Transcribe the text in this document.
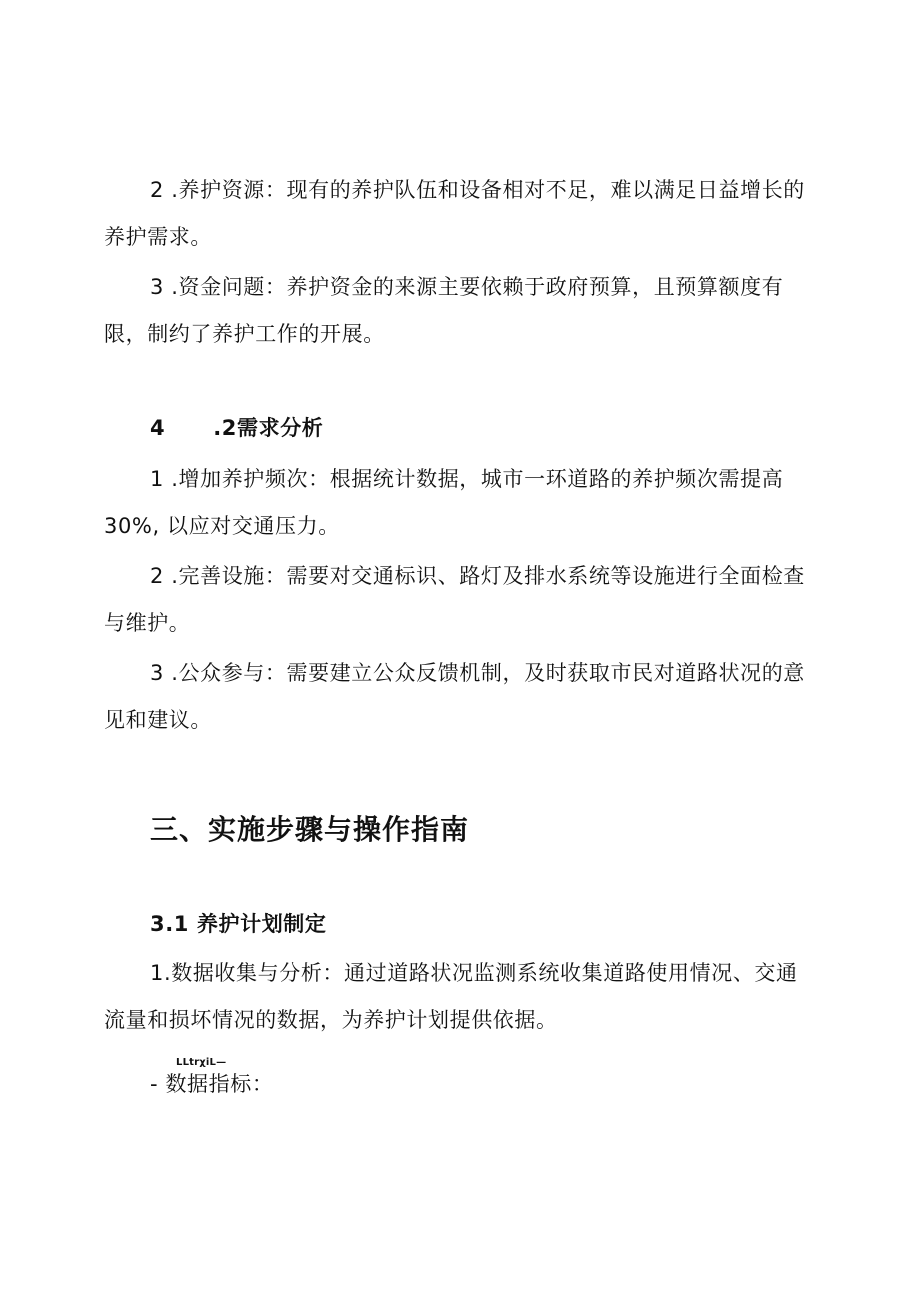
2 .养护资源：现有的养护队伍和设备相对不足，难以满足日益增长的
养护需求。
3 .资金问题：养护资金的来源主要依赖于政府预算，且预算额度有
限，制约了养护工作的开展。
4 .2需求分析
1 .增加养护频次：根据统计数据，城市一环道路的养护频次需提高
30%, 以应对交通压力。
2 .完善设施：需要对交通标识、路灯及排水系统等设施进行全面检查
与维护。
3 .公众参与：需要建立公众反馈机制，及时获取市民对道路状况的意
见和建议。
三、实施步骤与操作指南
3.1 养护计划制定
1.数据收集与分析：通过道路状况监测系统收集道路使用情况、交通
流量和损坏情况的数据，为养护计划提供依据。
LLtrχiL—
- 数据指标：
